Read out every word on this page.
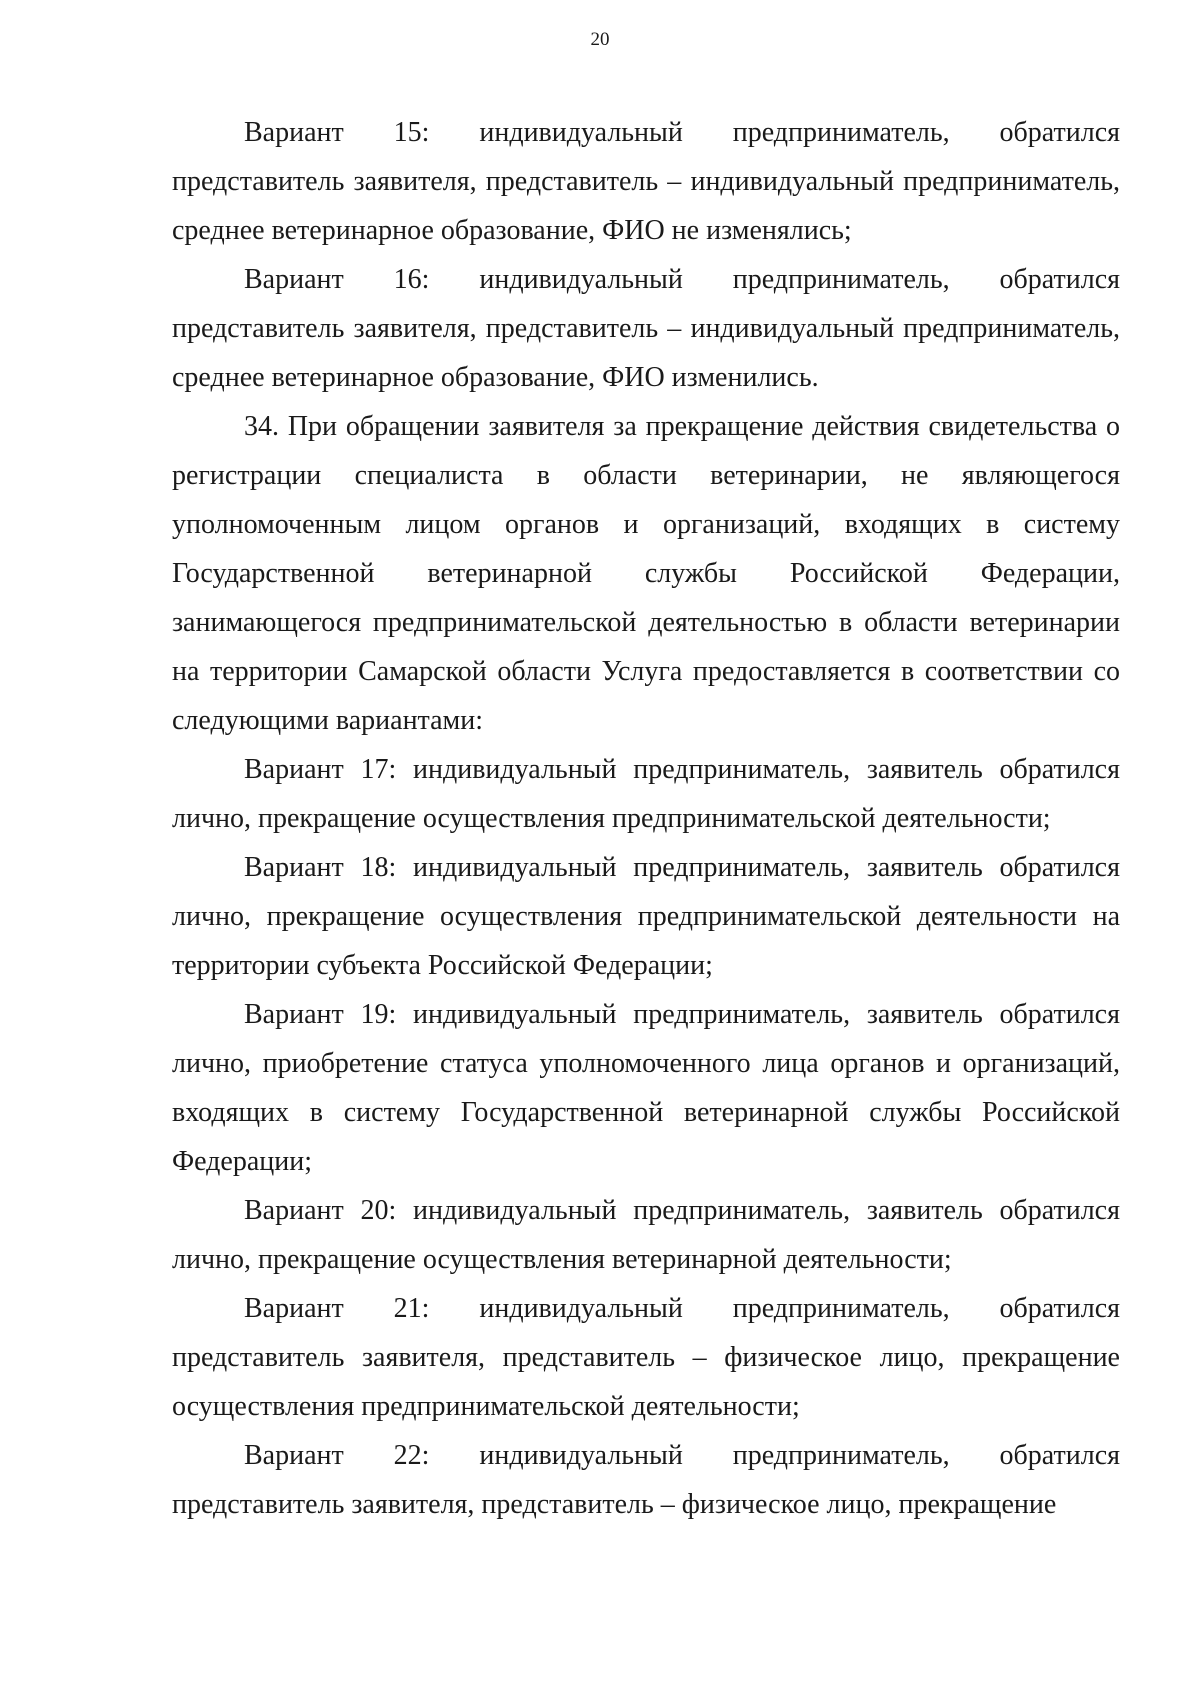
20

Вариант 15: индивидуальный предприниматель, обратился представитель заявителя, представитель – индивидуальный предприниматель, среднее ветеринарное образование, ФИО не изменялись;

Вариант 16: индивидуальный предприниматель, обратился представитель заявителя, представитель – индивидуальный предприниматель, среднее ветеринарное образование, ФИО изменились.

34. При обращении заявителя за прекращение действия свидетельства о регистрации специалиста в области ветеринарии, не являющегося уполномоченным лицом органов и организаций, входящих в систему Государственной ветеринарной службы Российской Федерации, занимающегося предпринимательской деятельностью в области ветеринарии на территории Самарской области Услуга предоставляется в соответствии со следующими вариантами:

Вариант 17: индивидуальный предприниматель, заявитель обратился лично, прекращение осуществления предпринимательской деятельности;

Вариант 18: индивидуальный предприниматель, заявитель обратился лично, прекращение осуществления предпринимательской деятельности на территории субъекта Российской Федерации;

Вариант 19: индивидуальный предприниматель, заявитель обратился лично, приобретение статуса уполномоченного лица органов и организаций, входящих в систему Государственной ветеринарной службы Российской Федерации;

Вариант 20: индивидуальный предприниматель, заявитель обратился лично, прекращение осуществления ветеринарной деятельности;

Вариант 21: индивидуальный предприниматель, обратился представитель заявителя, представитель – физическое лицо, прекращение осуществления предпринимательской деятельности;

Вариант 22: индивидуальный предприниматель, обратился представитель заявителя, представитель – физическое лицо, прекращение
